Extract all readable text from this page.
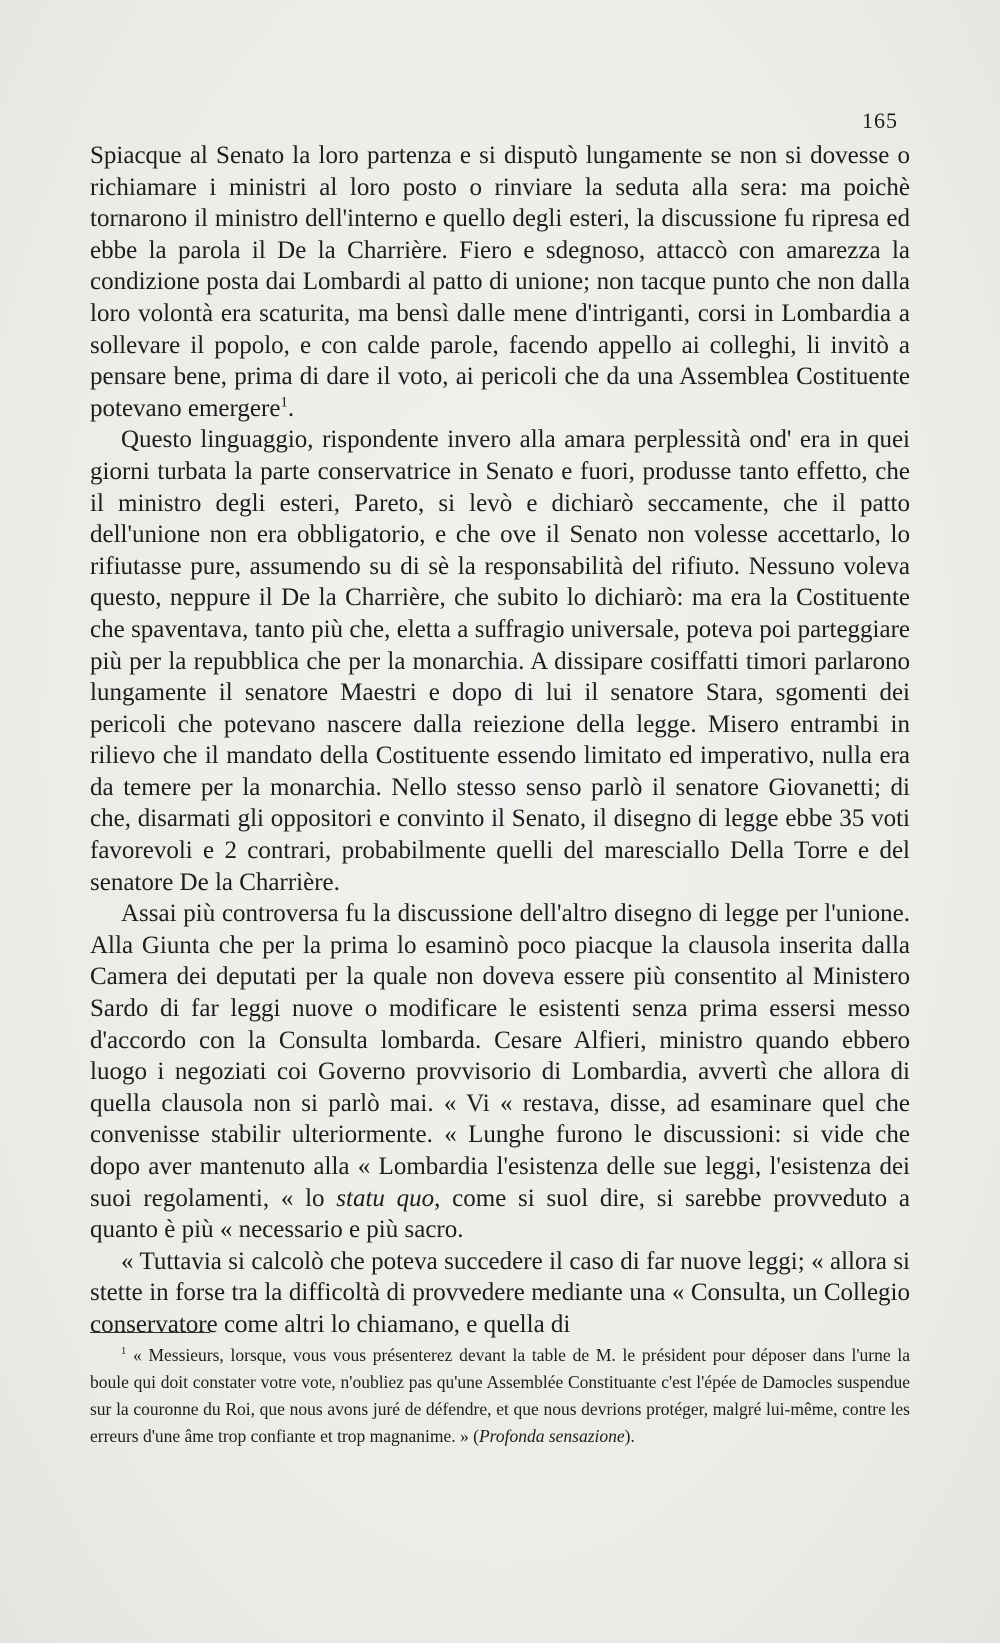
165

Spiacque al Senato la loro partenza e si disputò lungamente se non si dovesse o richiamare i ministri al loro posto o rinviare la seduta alla sera: ma poichè tornarono il ministro dell'interno e quello degli esteri, la discussione fu ripresa ed ebbe la parola il De la Charrière. Fiero e sdegnoso, attaccò con amarezza la condizione posta dai Lombardi al patto di unione; non tacque punto che non dalla loro volontà era scaturita, ma bensì dalle mene d'intriganti, corsi in Lombardia a sollevare il popolo, e con calde parole, facendo appello ai colleghi, li invitò a pensare bene, prima di dare il voto, ai pericoli che da una Assemblea Costituente potevano emergere$^1$.

Questo linguaggio, rispondente invero alla amara perplessità ond' era in quei giorni turbata la parte conservatrice in Senato e fuori, produsse tanto effetto, che il ministro degli esteri, Pareto, si levò e dichiarò seccamente, che il patto dell'unione non era obbligatorio, e che ove il Senato non volesse accettarlo, lo rifiutasse pure, assumendo su di sè la responsabilità del rifiuto. Nessuno voleva questo, neppure il De la Charrière, che subito lo dichiarò: ma era la Costituente che spaventava, tanto più che, eletta a suffragio universale, poteva poi parteggiare più per la repubblica che per la monarchia. A dissipare cosiffatti timori parlarono lungamente il senatore Maestri e dopo di lui il senatore Stara, sgomenti dei pericoli che potevano nascere dalla reiezione della legge. Misero entrambi in rilievo che il mandato della Costituente essendo limitato ed imperativo, nulla era da temere per la monarchia. Nello stesso senso parlò il senatore Giovanetti; di che, disarmati gli oppositori e convinto il Senato, il disegno di legge ebbe 35 voti favorevoli e 2 contrari, probabilmente quelli del maresciallo Della Torre e del senatore De la Charrière.

Assai più controversa fu la discussione dell'altro disegno di legge per l'unione. Alla Giunta che per la prima lo esaminò poco piacque la clausola inserita dalla Camera dei deputati per la quale non doveva essere più consentito al Ministero Sardo di far leggi nuove o modificare le esistenti senza prima essersi messo d'accordo con la Consulta lombarda. Cesare Alfieri, ministro quando ebbero luogo i negoziati coi Governo provvisorio di Lombardia, avvertì che allora di quella clausola non si parlò mai. « Vi « restava, disse, ad esaminare quel che convenisse stabilir ulteriormente. « Lunghe furono le discussioni: si vide che dopo aver mantenuto alla « Lombardia l'esistenza delle sue leggi, l'esistenza dei suoi regolamenti, « lo statu quo, come si suol dire, si sarebbe provveduto a quanto è più « necessario e più sacro.

« Tuttavia si calcolò che poteva succedere il caso di far nuove leggi; « allora si stette in forse tra la difficoltà di provvedere mediante una « Consulta, un Collegio conservatore come altri lo chiamano, e quella di

$^1$ « Messieurs, lorsque, vous vous présenterez devant la table de M. le président pour déposer dans l'urne la boule qui doit constater votre vote, n'oubliez pas qu'une Assemblée Constituante c'est l'épée de Damocles suspendue sur la couronne du Roi, que nous avons juré de défendre, et que nous devrions protéger, malgré lui-même, contre les erreurs d'une âme trop confiante et trop magnanime. » (Profonda sensazione).
